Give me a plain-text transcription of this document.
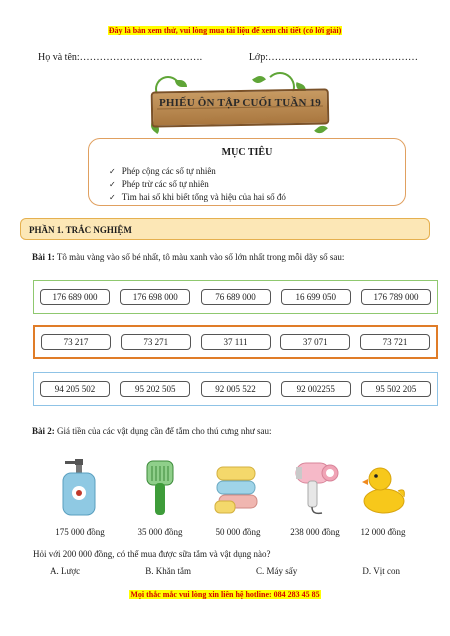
Đây là bản xem thử, vui lòng mua tài liệu để xem chi tiết (có lời giải)
Họ và tên:……………………………….	Lớp:………………………………………
PHIẾU ÔN TẬP CUỐI TUẦN 19
MỤC TIÊU
✓ Phép cộng các số tự nhiên
✓ Phép trừ các số tự nhiên
✓ Tìm hai số khi biết tổng và hiệu của hai số đó
PHẦN 1. TRẮC NGHIỆM
Bài 1: Tô màu vàng vào số bé nhất, tô màu xanh vào số lớn nhất trong mỗi dãy số sau:
176 689 000	176 698 000	76 689 000	16 699 050	176 789 000
73 217	73 271	37 111	37 071	73 721
94 205 502	95 202 505	92 005 522	92 002255	95 502 205
Bài 2: Giá tiền của các vật dụng cần để tắm cho thú cưng như sau:
175 000 đồng	35 000 đồng	50 000 đồng	238 000 đồng	12 000 đồng
Hỏi với 200 000 đồng, có thể mua được sữa tắm và vật dụng nào?
A. Lược	B. Khăn tắm	C. Máy sấy	D. Vịt con
Mọi thắc mắc vui lòng xin liên hệ hotline: 084 283 45 85
